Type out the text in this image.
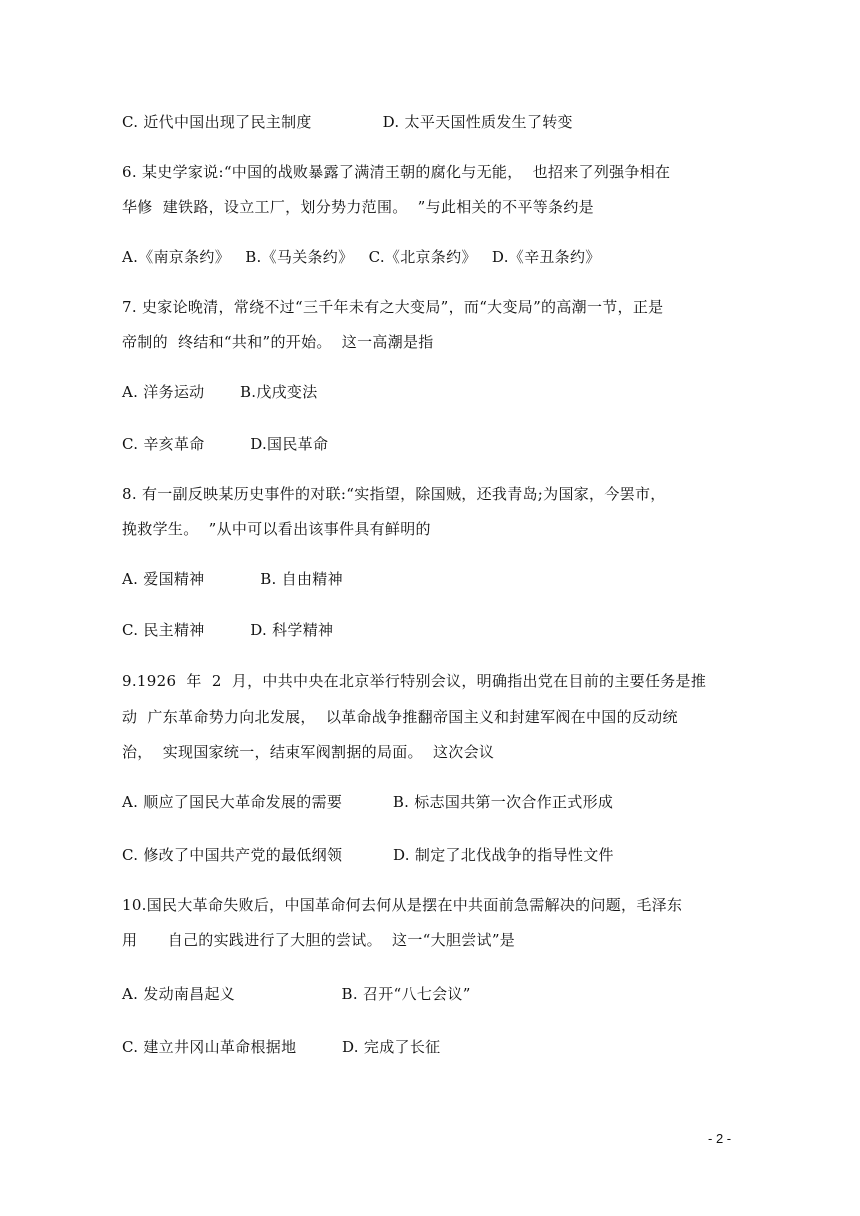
C. 近代中国出现了民主制度              D. 太平天国性质发生了转变
6. 某史学家说:“中国的战败暴露了满清王朝的腐化与无能，  也招来了列强争相在
华修  建铁路，设立工厂，划分势力范围。  ”与此相关的不平等条约是
A.《南京条约》   B.《马关条约》   C.《北京条约》   D.《辛丑条约》
7. 史家论晚清，常绕不过“三千年未有之大变局”，而“大变局”的高潮一节，正是
帝制的  终结和“共和”的开始。  这一高潮是指
A. 洋务运动       B.戊戌变法
C. 辛亥革命         D.国民革命
8. 有一副反映某历史事件的对联:“实指望，除国贼，还我青岛;为国家，今罢市，
挽救学生。  ”从中可以看出该事件具有鲜明的
A. 爱国精神           B. 自由精神
C. 民主精神         D. 科学精神
9.1926  年  2  月，中共中央在北京举行特别会议，明确指出党在目前的主要任务是推
动  广东革命势力向北发展，  以革命战争推翻帝国主义和封建军阀在中国的反动统
治，  实现国家统一，结束军阀割据的局面。  这次会议
A. 顺应了国民大革命发展的需要          B. 标志国共第一次合作正式形成
C. 修改了中国共产党的最低纲领          D. 制定了北伐战争的指导性文件
10.国民大革命失败后，中国革命何去何从是摆在中共面前急需解决的问题，毛泽东
用      自己的实践进行了大胆的尝试。  这一“大胆尝试”是
A. 发动南昌起义                     B. 召开“八七会议”
C. 建立井冈山革命根据地         D. 完成了长征
- 2 -
